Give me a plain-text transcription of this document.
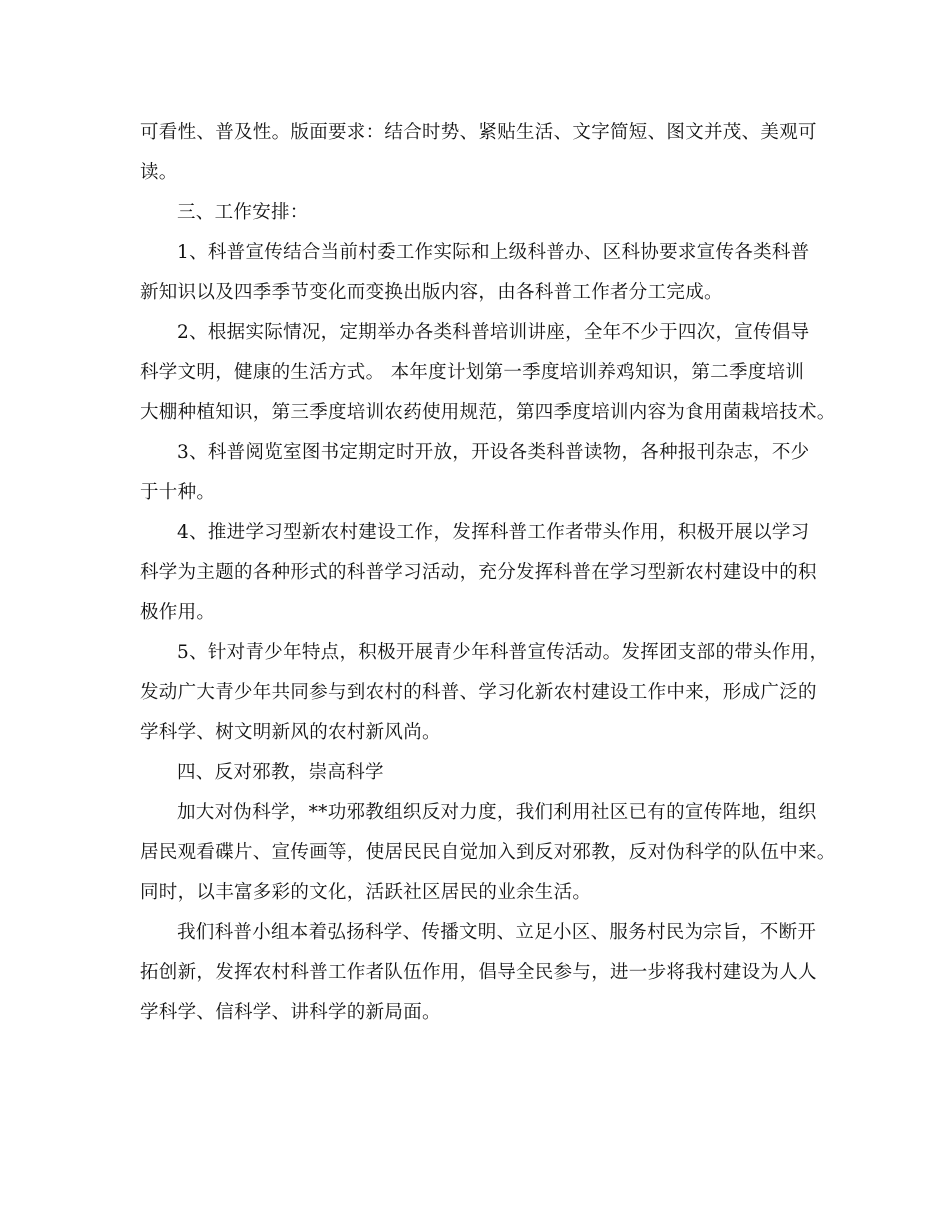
可看性、普及性。版面要求：结合时势、紧贴生活、文字简短、图文并茂、美观可
读。
三、工作安排：
1、科普宣传结合当前村委工作实际和上级科普办、区科协要求宣传各类科普
新知识以及四季季节变化而变换出版内容，由各科普工作者分工完成。
2、根据实际情况，定期举办各类科普培训讲座，全年不少于四次，宣传倡导
科学文明，健康的生活方式。 本年度计划第一季度培训养鸡知识，第二季度培训
大棚种植知识，第三季度培训农药使用规范，第四季度培训内容为食用菌栽培技术。
3、科普阅览室图书定期定时开放，开设各类科普读物，各种报刊杂志，不少
于十种。
4、推进学习型新农村建设工作，发挥科普工作者带头作用，积极开展以学习
科学为主题的各种形式的科普学习活动，充分发挥科普在学习型新农村建设中的积
极作用。
5、针对青少年特点，积极开展青少年科普宣传活动。发挥团支部的带头作用，
发动广大青少年共同参与到农村的科普、学习化新农村建设工作中来，形成广泛的
学科学、树文明新风的农村新风尚。
四、反对邪教，崇高科学
加大对伪科学，**功邪教组织反对力度，我们利用社区已有的宣传阵地，组织
居民观看碟片、宣传画等，使居民民自觉加入到反对邪教，反对伪科学的队伍中来。
同时，以丰富多彩的文化，活跃社区居民的业余生活。
我们科普小组本着弘扬科学、传播文明、立足小区、服务村民为宗旨，不断开
拓创新，发挥农村科普工作者队伍作用，倡导全民参与，进一步将我村建设为人人
学科学、信科学、讲科学的新局面。
